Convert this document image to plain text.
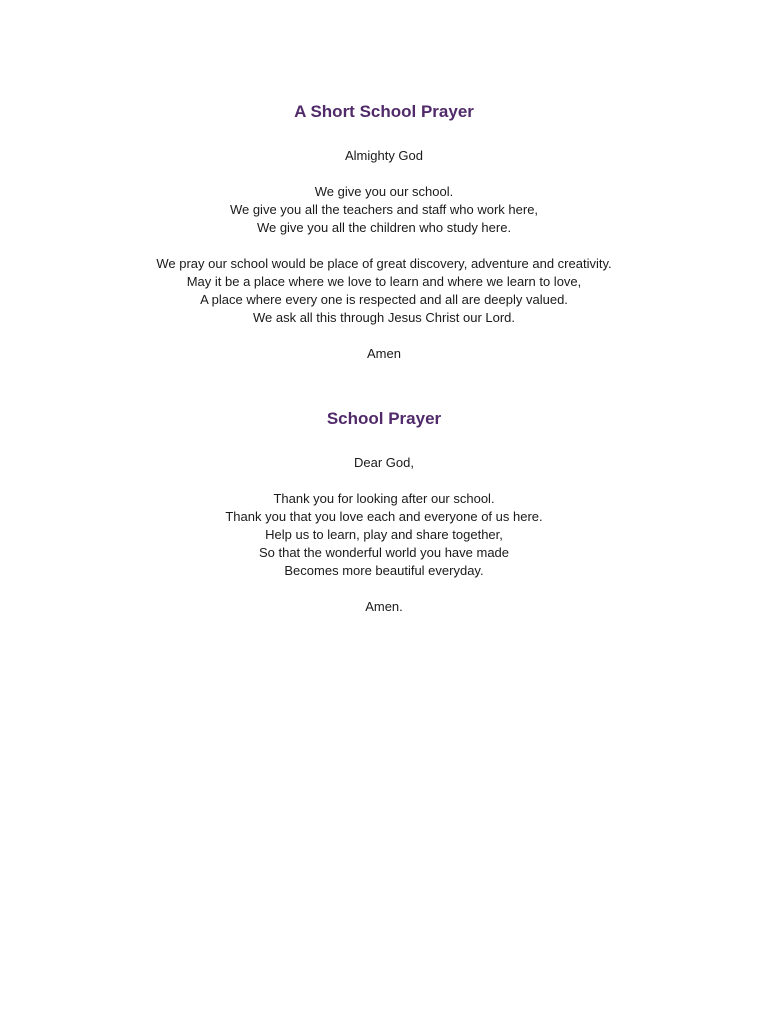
A Short School Prayer

Almighty God

We give you our school.
We give you all the teachers and staff who work here,
We give you all the children who study here.
We pray our school would be place of great discovery, adventure and creativity.
May it be a place where we love to learn and where we learn to love,
A place where every one is respected and all are deeply valued.
We ask all this through Jesus Christ our Lord.

Amen

School Prayer

Dear God,

Thank you for looking after our school.
Thank you that you love each and everyone of us here.
Help us to learn, play and share together,
So that the wonderful world you have made
Becomes more beautiful everyday.

Amen.
